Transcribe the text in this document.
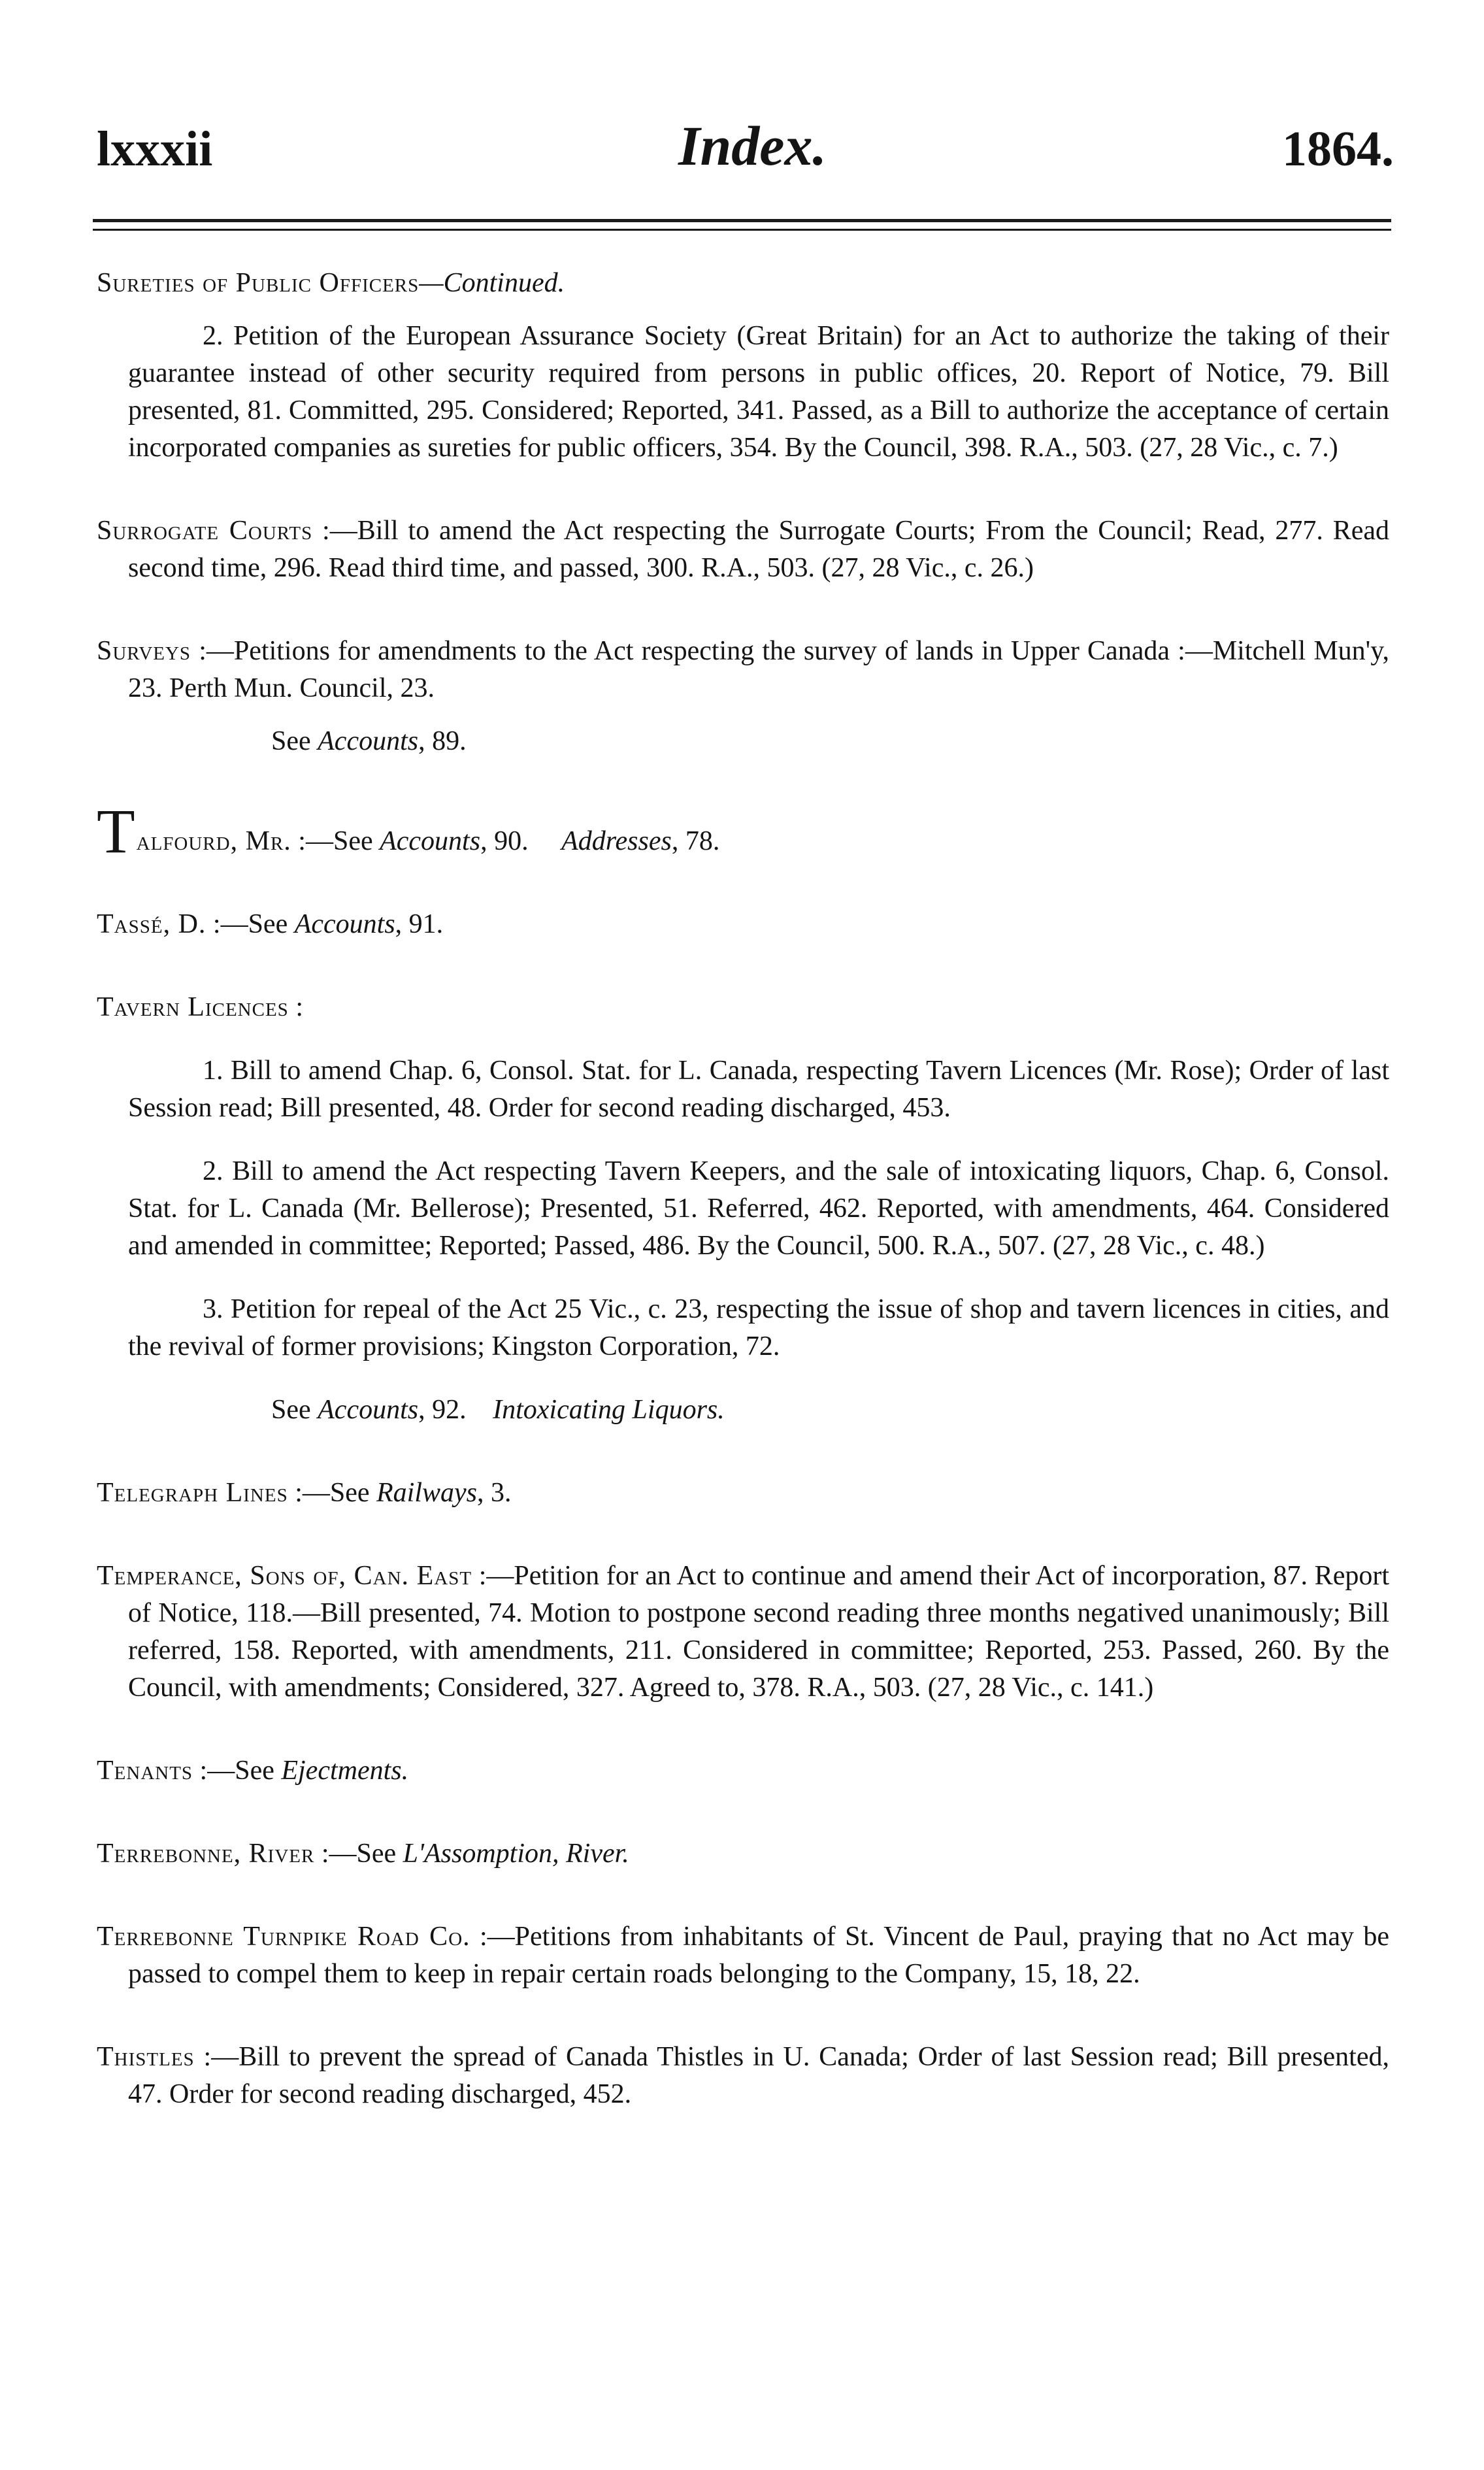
lxxxii	Index.	1864.
Sureties of Public Officers—Continued.
2. Petition of the European Assurance Society (Great Britain) for an Act to authorize the taking of their guarantee instead of other security required from persons in public offices, 20. Report of Notice, 79. Bill presented, 81. Committed, 295. Considered; Reported, 341. Passed, as a Bill to authorize the acceptance of certain incorporated companies as sureties for public officers, 354. By the Council, 398. R.A., 503. (27, 28 Vic., c. 7.)
Surrogate Courts :—Bill to amend the Act respecting the Surrogate Courts; From the Council; Read, 277. Read second time, 296. Read third time, and passed, 300. R.A., 503. (27, 28 Vic., c. 26.)
Surveys :—Petitions for amendments to the Act respecting the survey of lands in Upper Canada :—Mitchell Mun'y, 23. Perth Mun. Council, 23.
See Accounts, 89.
Talfourd, Mr. :—See Accounts, 90. Addresses, 78.
Tassé, D. :—See Accounts, 91.
Tavern Licences :
1. Bill to amend Chap. 6, Consol. Stat. for L. Canada, respecting Tavern Licences (Mr. Rose); Order of last Session read; Bill presented, 48. Order for second reading discharged, 453.
2. Bill to amend the Act respecting Tavern Keepers, and the sale of intoxicating liquors, Chap. 6, Consol. Stat. for L. Canada (Mr. Bellerose); Presented, 51. Referred, 462. Reported, with amendments, 464. Considered and amended in committee; Reported; Passed, 486. By the Council, 500. R.A., 507. (27, 28 Vic., c. 48.)
3. Petition for repeal of the Act 25 Vic., c. 23, respecting the issue of shop and tavern licences in cities, and the revival of former provisions; Kingston Corporation, 72.
See Accounts, 92. Intoxicating Liquors.
Telegraph Lines :—See Railways, 3.
Temperance, Sons of, Can. East :—Petition for an Act to continue and amend their Act of incorporation, 87. Report of Notice, 118.—Bill presented, 74. Motion to postpone second reading three months negatived unanimously; Bill referred, 158. Reported, with amendments, 211. Considered in committee; Reported, 253. Passed, 260. By the Council, with amendments; Considered, 327. Agreed to, 378. R.A., 503. (27, 28 Vic., c. 141.)
Tenants :—See Ejectments.
Terrebonne, River :—See L'Assomption, River.
Terrebonne Turnpike Road Co. :—Petitions from inhabitants of St. Vincent de Paul, praying that no Act may be passed to compel them to keep in repair certain roads belonging to the Company, 15, 18, 22.
Thistles :—Bill to prevent the spread of Canada Thistles in U. Canada; Order of last Session read; Bill presented, 47. Order for second reading discharged, 452.
